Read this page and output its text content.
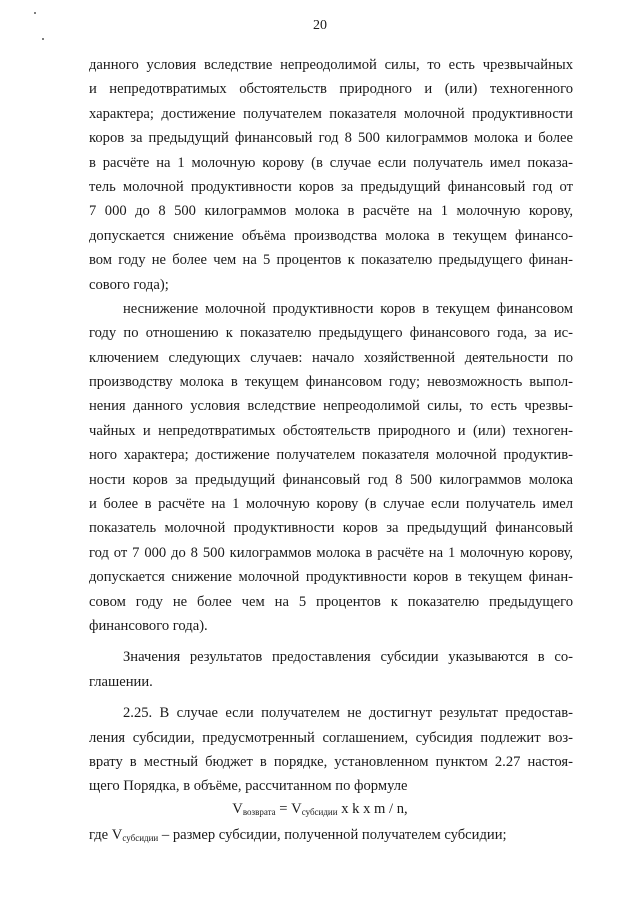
20
данного условия вследствие непреодолимой силы, то есть чрезвычайных
и непредотвратимых обстоятельств природного и (или) техногенного
характера; достижение получателем показателя молочной продуктивности
коров за предыдущий финансовый год 8 500 килограммов молока и более
в расчёте на 1 молочную корову (в случае если получатель имел показа-
тель молочной продуктивности коров за предыдущий финансовый год от
7 000 до 8 500 килограммов молока в расчёте на 1 молочную корову,
допускается снижение объёма производства молока в текущем финансо-
вом году не более чем на 5 процентов к показателю предыдущего финан-
сового года);
неснижение молочной продуктивности коров в текущем финансовом
году по отношению к показателю предыдущего финансового года, за ис-
ключением следующих случаев: начало хозяйственной деятельности по
производству молока в текущем финансовом году; невозможность выпол-
нения данного условия вследствие непреодолимой силы, то есть чрезвы-
чайных и непредотвратимых обстоятельств природного и (или) техноген-
ного характера; достижение получателем показателя молочной продуктив-
ности коров за предыдущий финансовый год 8 500 килограммов молока
и более в расчёте на 1 молочную корову (в случае если получатель имел
показатель молочной продуктивности коров за предыдущий финансовый
год от 7 000 до 8 500 килограммов молока в расчёте на 1 молочную корову,
допускается снижение молочной продуктивности коров в текущем финан-
совом году не более чем на 5 процентов к показателю предыдущего
финансового года).
Значения результатов предоставления субсидии указываются в со-
глашении.
2.25. В случае если получателем не достигнут результат предостав-
ления субсидии, предусмотренный соглашением, субсидия подлежит воз-
врату в местный бюджет в порядке, установленном пунктом 2.27 настоя-
щего Порядка, в объёме, рассчитанном по формуле
$V_{возврата} = V_{субсидии}$ x k x m / n,
где $V_{субсидии}$ – размер субсидии, полученной получателем субсидии;
